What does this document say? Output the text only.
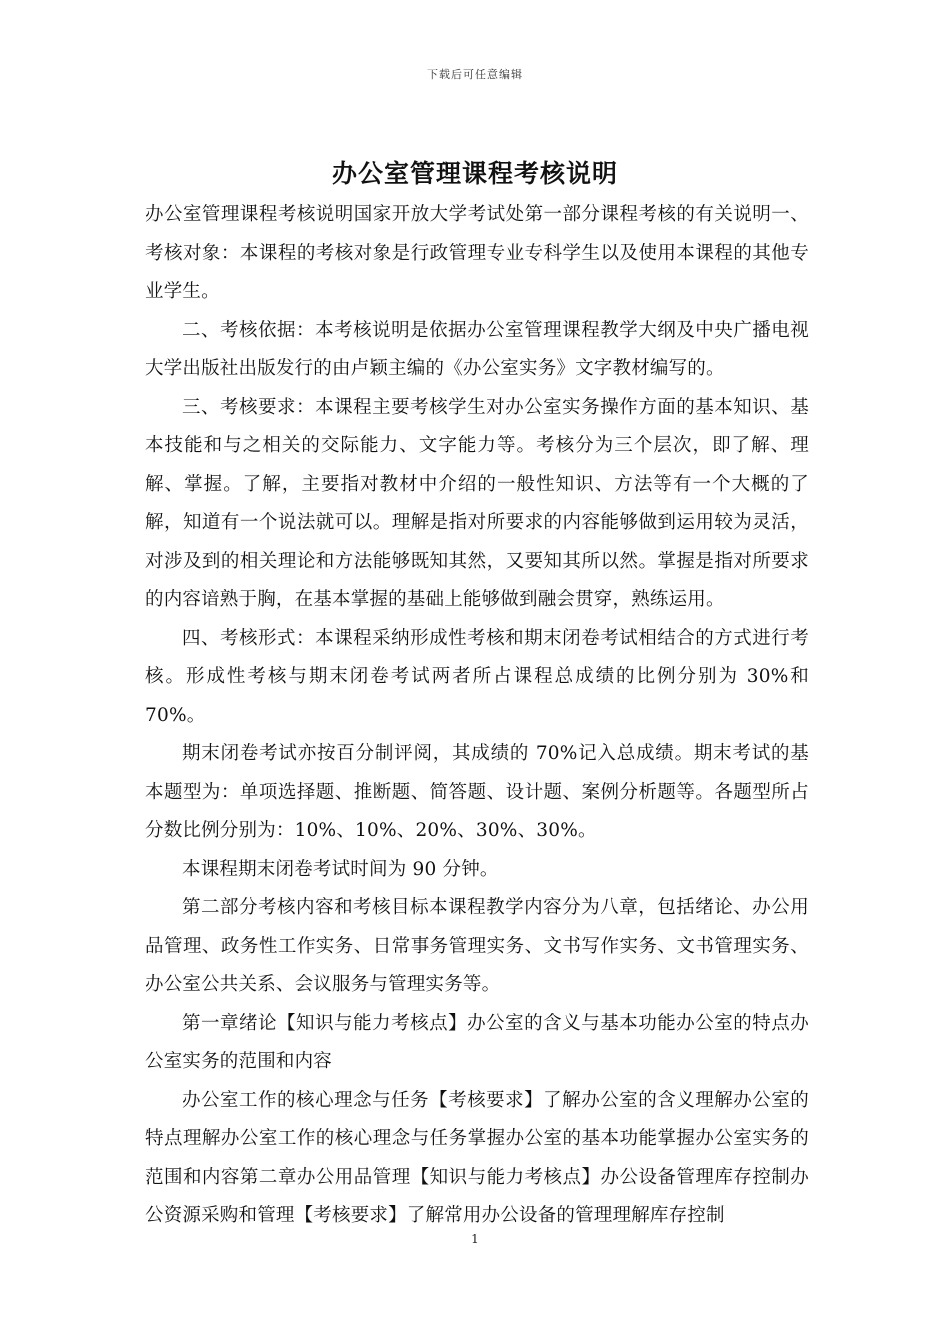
下载后可任意编辑
办公室管理课程考核说明

办公室管理课程考核说明国家开放大学考试处第一部分课程考核的有关说明一、考核对象：本课程的考核对象是行政管理专业专科学生以及使用本课程的其他专业学生。

二、考核依据：本考核说明是依据办公室管理课程教学大纲及中央广播电视大学出版社出版发行的由卢颖主编的《办公室实务》文字教材编写的。

三、考核要求：本课程主要考核学生对办公室实务操作方面的基本知识、基本技能和与之相关的交际能力、文字能力等。考核分为三个层次，即了解、理解、掌握。了解，主要指对教材中介绍的一般性知识、方法等有一个大概的了解，知道有一个说法就可以。理解是指对所要求的内容能够做到运用较为灵活，对涉及到的相关理论和方法能够既知其然，又要知其所以然。掌握是指对所要求的内容谙熟于胸，在基本掌握的基础上能够做到融会贯穿，熟练运用。

四、考核形式：本课程采纳形成性考核和期末闭卷考试相结合的方式进行考核。形成性考核与期末闭卷考试两者所占课程总成绩的比例分别为 30%和 70%。

期末闭卷考试亦按百分制评阅，其成绩的 70%记入总成绩。期末考试的基本题型为：单项选择题、推断题、简答题、设计题、案例分析题等。各题型所占分数比例分别为：10%、10%、20%、30%、30%。

本课程期末闭卷考试时间为 90 分钟。

第二部分考核内容和考核目标本课程教学内容分为八章，包括绪论、办公用品管理、政务性工作实务、日常事务管理实务、文书写作实务、文书管理实务、办公室公共关系、会议服务与管理实务等。

第一章绪论【知识与能力考核点】办公室的含义与基本功能办公室的特点办公室实务的范围和内容

办公室工作的核心理念与任务【考核要求】了解办公室的含义理解办公室的特点理解办公室工作的核心理念与任务掌握办公室的基本功能掌握办公室实务的范围和内容第二章办公用品管理【知识与能力考核点】办公设备管理库存控制办公资源采购和管理【考核要求】了解常用办公设备的管理理解库存控制

1
